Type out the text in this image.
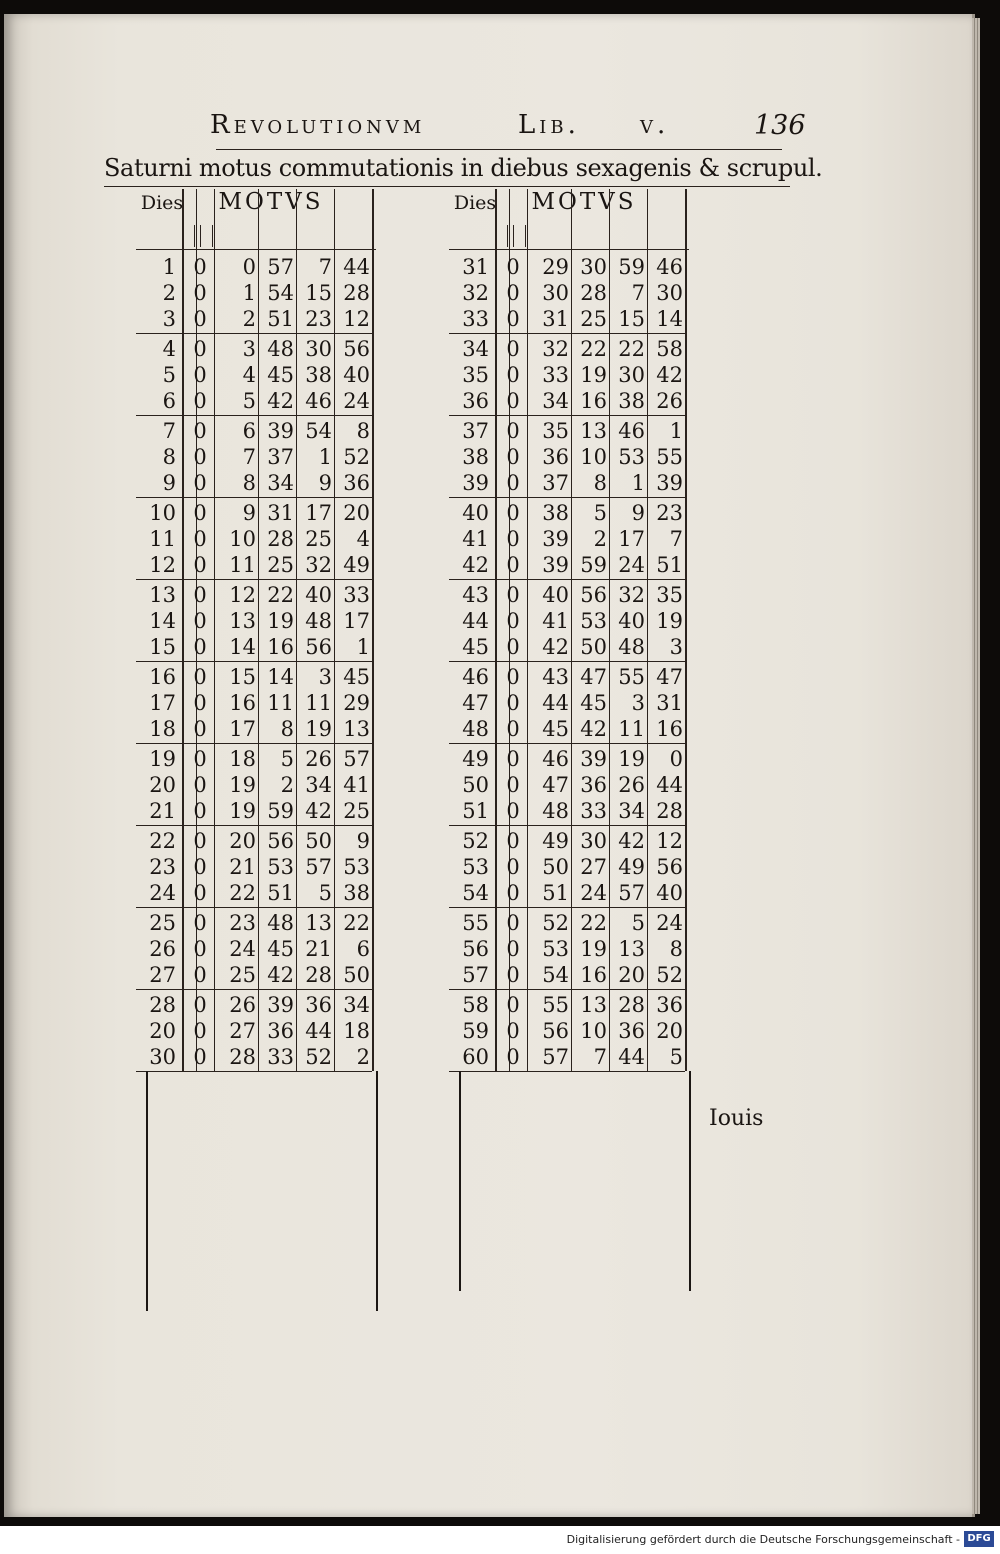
Revolutionvm	Lib. v.	136
Saturni motus commutationis in diebus sexagenis & scrupul.
Dies	MOTVS
1 0	0 57	7 44
2 0	1 54 15 28
3 0	2 51 23 12
4 0	3 48 30 56
5 0	4 45 38 40
6 0	5 42 46 24
7 0	6 39 54	8
8 0	7 37	1 52
9 0	8 34	9 36
10 0	9 31 17 20
11 0	10 28 25	4
12 0	11 25 32 49
13 0	12 22 40 33
14 0	13 19 48 17
15 0	14 16 56	1
16 0	15 14	3 45
17 0	16 11 11 29
18 0	17	8 19 13
19 0	18	5 26 57
20 0	19	2 34 41
21 0	19 59 42 25
22 0	20 56 50	9
23 0	21 53 57 53
24 0	22 51	5 38
25 0	23 48 13 22
26 0	24 45 21	6
27 0	25 42 28 50
28 0	26 39 36 34
20 0	27 36 44 18
30 0	28 33 52	2
Dies	MOTVS
31 0	29 30 59 46
32 0	30 28	7 30
33 0	31 25 15 14
34 0	32 22 22 58
35 0	33 19 30 42
36 0	34 16 38 26
37 0	35 13 46	1
38 0	36 10 53 55
39 0	37	8	1 39
40 0	38	5	9 23
41 0	39	2 17	7
42 0	39 59 24 51
43 0	40 56 32 35
44 0	41 53 40 19
45 0	42 50 48	3
46 0	43 47 55 47
47 0	44 45	3 31
48 0	45 42 11 16
49 0	46 39 19	0
50 0	47 36 26 44
51 0	48 33 34 28
52 0	49 30 42 12
53 0	50 27 49 56
54 0	51 24 57 40
55 0	52 22	5 24
56 0	53 19 13	8
57 0	54 16 20 52
58 0	55 13 28 36
59 0	56 10 36 20
60 0	57	7 44	5
Iouis
Digitalisierung gefördert durch die Deutsche Forschungsgemeinschaft - DFG
